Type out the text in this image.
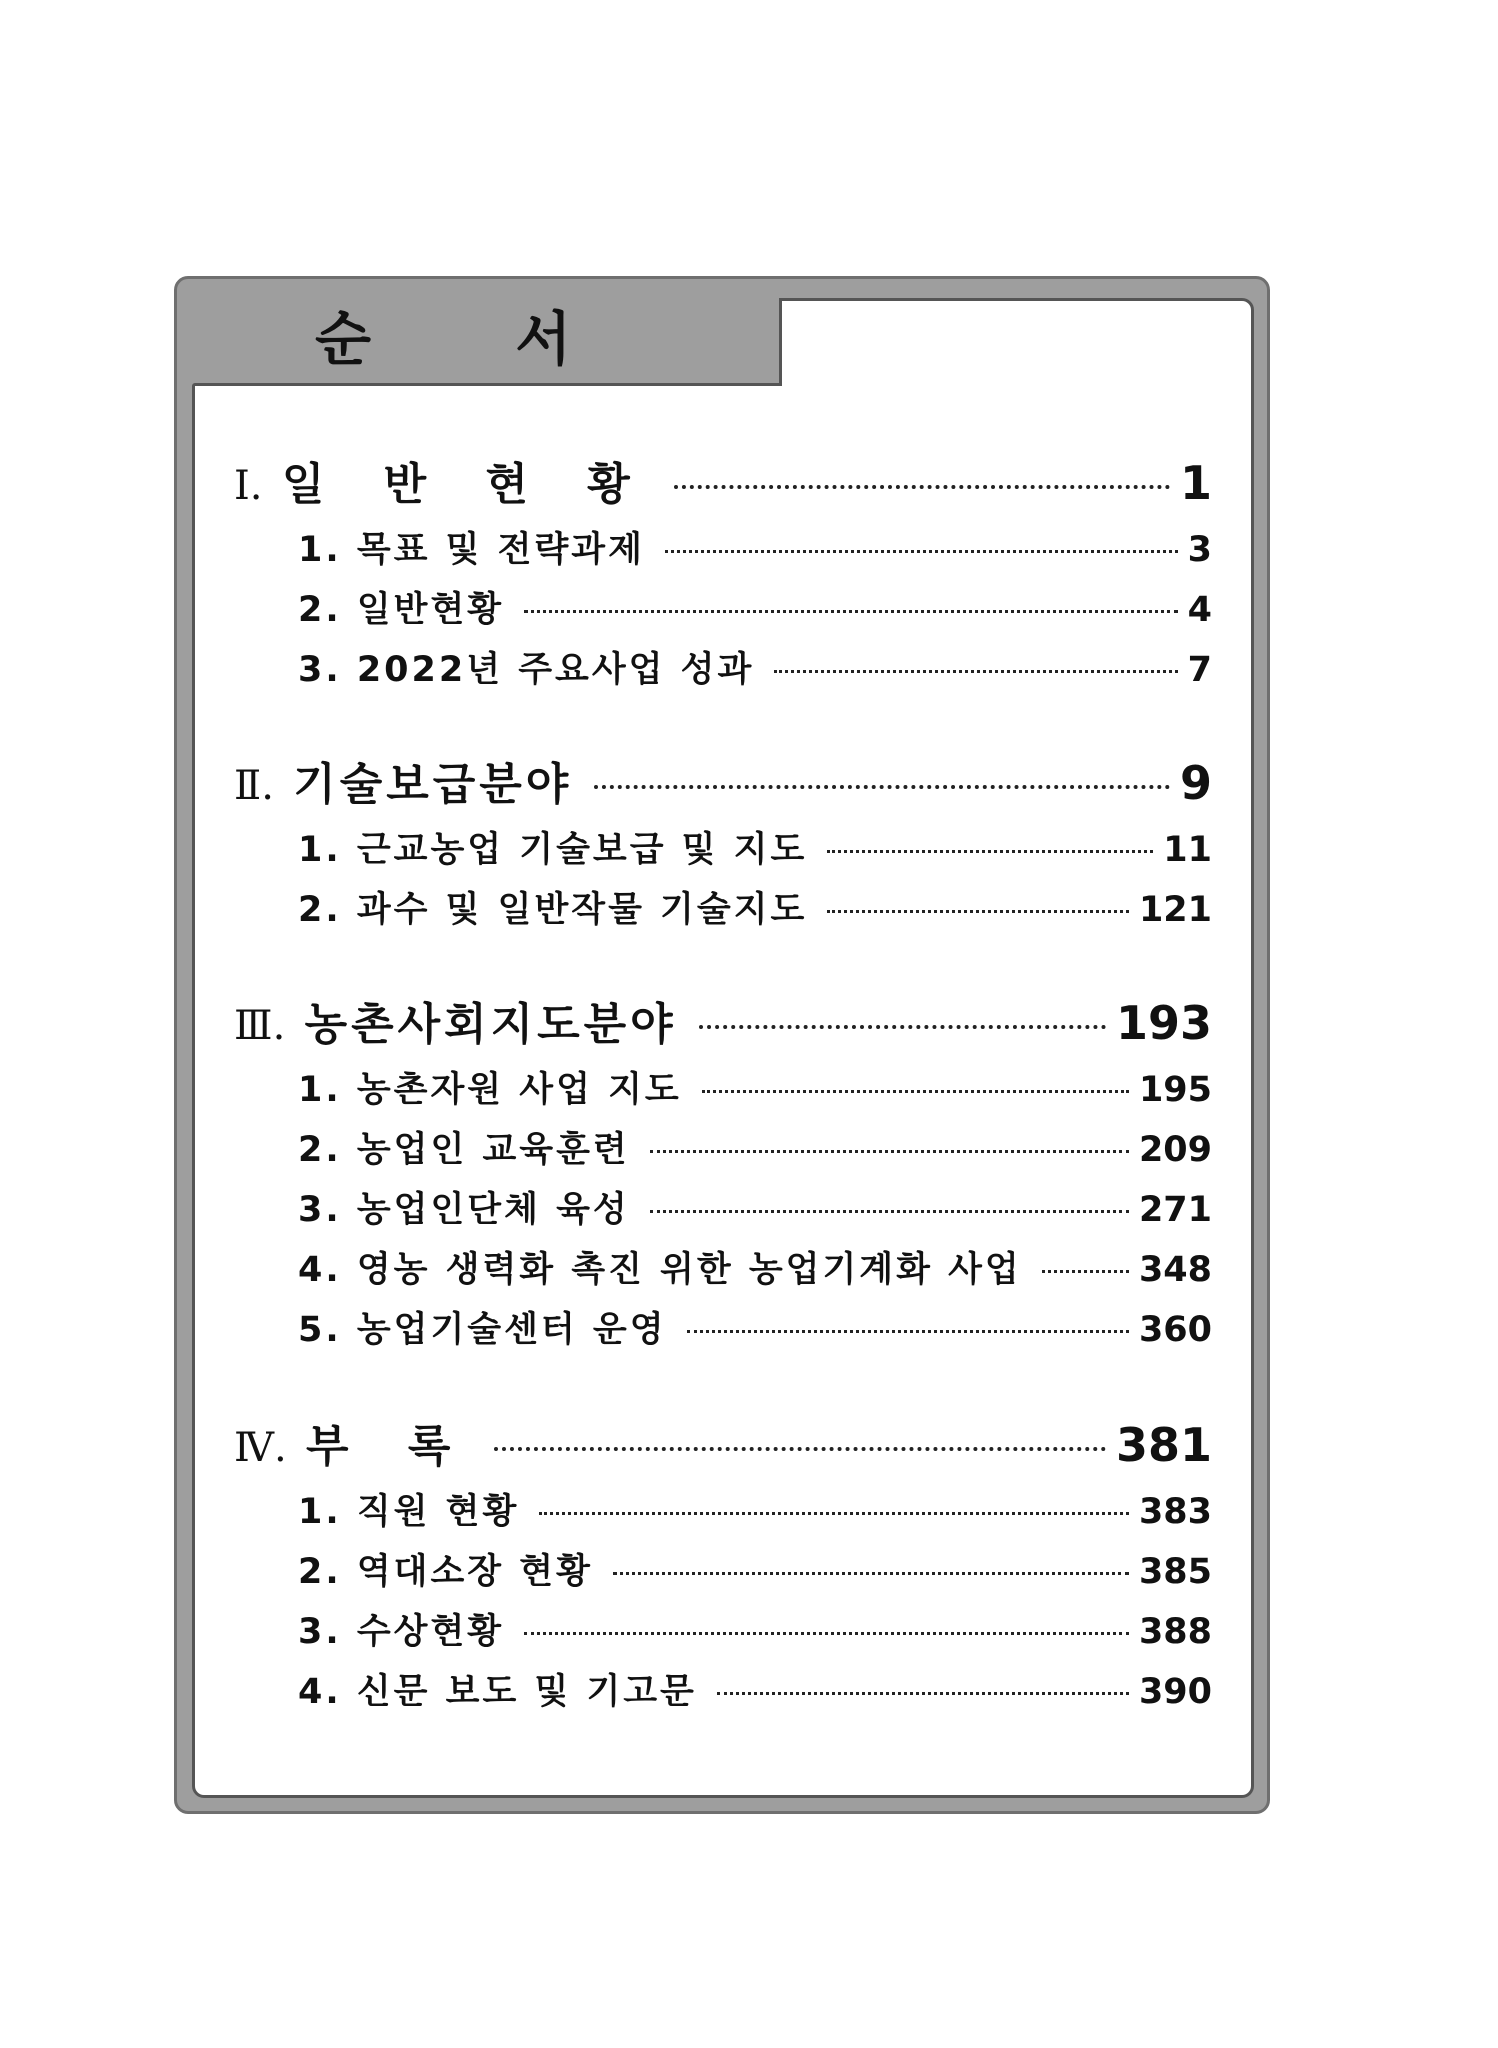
순 서
Ⅰ. 일 반 현 황	1
1. 목표 및 전략과제	3
2. 일반현황	4
3. 2022년 주요사업 성과	7
Ⅱ. 기술보급분야	9
1. 근교농업 기술보급 및 지도	11
2. 과수 및 일반작물 기술지도	121
Ⅲ. 농촌사회지도분야	193
1. 농촌자원 사업 지도	195
2. 농업인 교육훈련	209
3. 농업인단체 육성	271
4. 영농 생력화 촉진 위한 농업기계화 사업	348
5. 농업기술센터 운영	360
Ⅳ. 부 록	381
1. 직원 현황	383
2. 역대소장 현황	385
3. 수상현황	388
4. 신문 보도 및 기고문	390
